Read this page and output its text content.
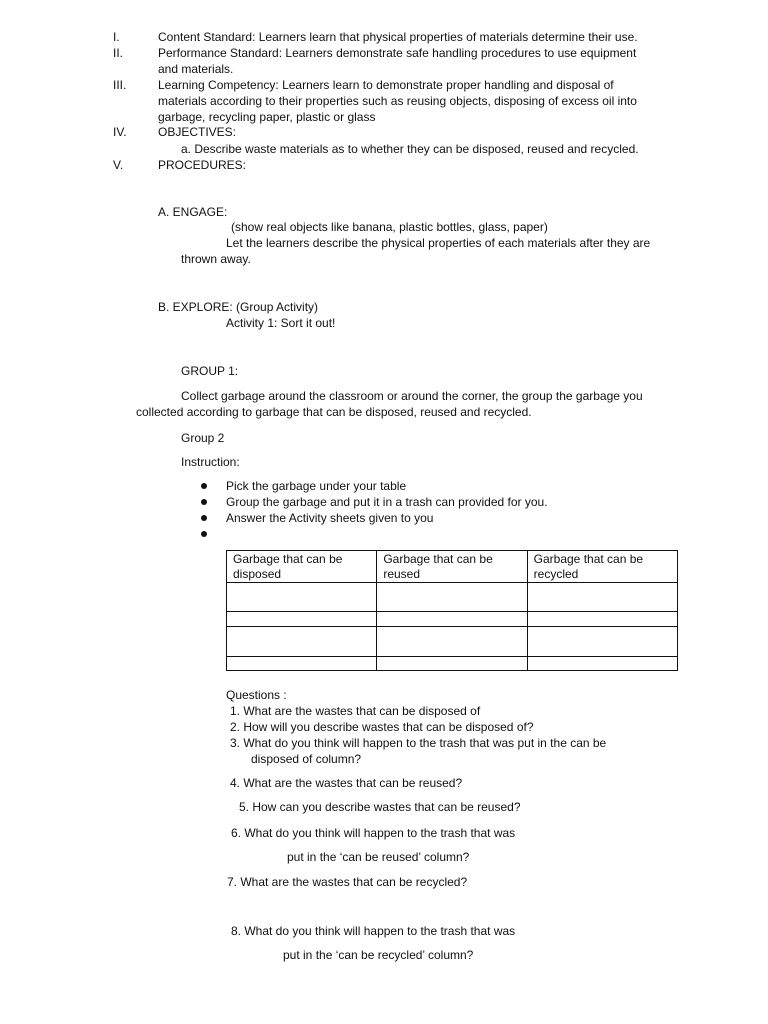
I.	Content Standard: Learners learn that physical properties of materials determine their use.
II.	Performance Standard: Learners demonstrate safe handling procedures to use equipment
and materials.
III.	Learning Competency: Learners learn to demonstrate proper handling and disposal of
materials according to their properties such as reusing objects, disposing of excess oil into
garbage, recycling paper, plastic or glass
IV.	OBJECTIVES:
a. Describe waste materials as to whether they can be disposed, reused and recycled.
V.	PROCEDURES:
A. ENGAGE:
(show real objects like banana, plastic bottles, glass, paper)
Let the learners describe the physical properties of each materials after they are
thrown away.
B. EXPLORE: (Group Activity)
Activity 1: Sort it out!
GROUP 1:
Collect garbage around the classroom or around the corner, the group the garbage you
collected according to garbage that can be disposed, reused and recycled.
Group 2
Instruction:
Pick the garbage under your table
Group the garbage and put it in a trash can provided for you.
Answer the Activity sheets given to you
Garbage that can be disposed	Garbage that can be reused	Garbage that can be recycled

Questions :
1. What are the wastes that can be disposed of
2. How will you describe wastes that can be disposed of?
3. What do you think will happen to the trash that was put in the can be
disposed of column?
4. What are the wastes that can be reused?
5. How can you describe wastes that can be reused?
6. What do you think will happen to the trash that was
put in the ‘can be reused’ column?
7. What are the wastes that can be recycled?
8. What do you think will happen to the trash that was
put in the ‘can be recycled’ column?
